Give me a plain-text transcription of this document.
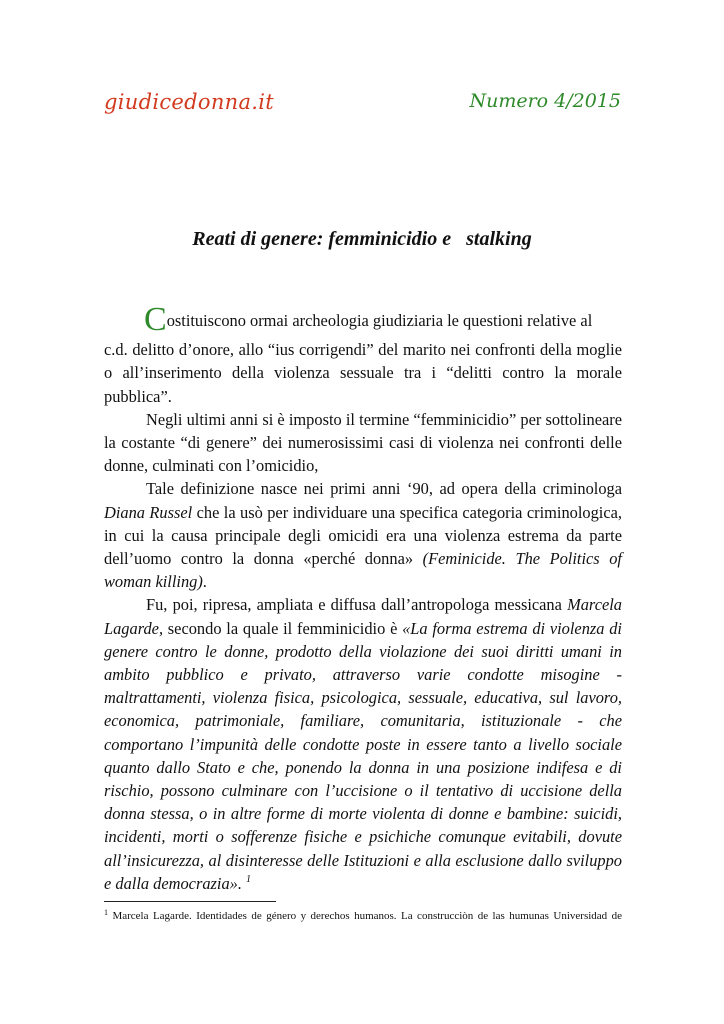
giudicedonna.it	Numero 4/2015
Reati di genere: femminicidio e   stalking

Costituiscono ormai archeologia giudiziaria le questioni relative al
c.d. delitto d’onore, allo “ius corrigendi” del marito nei confronti della moglie o all’inserimento della violenza sessuale tra i “delitti contro la morale pubblica”.

Negli ultimi anni si è imposto il termine “femminicidio” per sottolineare la costante “di genere” dei numerosissimi casi di violenza nei confronti delle donne, culminati con l’omicidio,

Tale definizione nasce nei primi anni ‘90, ad opera della criminologa Diana Russel che la usò per individuare una specifica categoria criminologica, in cui la causa principale degli omicidi era una violenza estrema da parte dell’uomo contro la donna «perché donna» (Feminicide. The Politics of woman killing).

Fu, poi, ripresa, ampliata e diffusa dall’antropologa messicana Marcela Lagarde, secondo la quale il femminicidio è «La forma estrema di violenza di genere contro le donne, prodotto della violazione dei suoi diritti umani in ambito pubblico e privato, attraverso varie condotte misogine - maltrattamenti, violenza fisica, psicologica, sessuale, educativa, sul lavoro, economica, patrimoniale, familiare, comunitaria, istituzionale - che comportano l’impunità delle condotte poste in essere tanto a livello sociale quanto dallo Stato e che, ponendo la donna in una posizione indifesa e di rischio, possono culminare con l’uccisione o il tentativo di uccisione della donna stessa, o in altre forme di morte violenta di donne e bambine: suicidi, incidenti, morti o sofferenze fisiche e psichiche comunque evitabili, dovute all’insicurezza, al disinteresse delle Istituzioni e alla esclusione dallo sviluppo e dalla democrazia». $^1$

$^1$ Marcela Lagarde. Identidades de género y derechos humanos. La construcciòn de las humunas Universidad de
